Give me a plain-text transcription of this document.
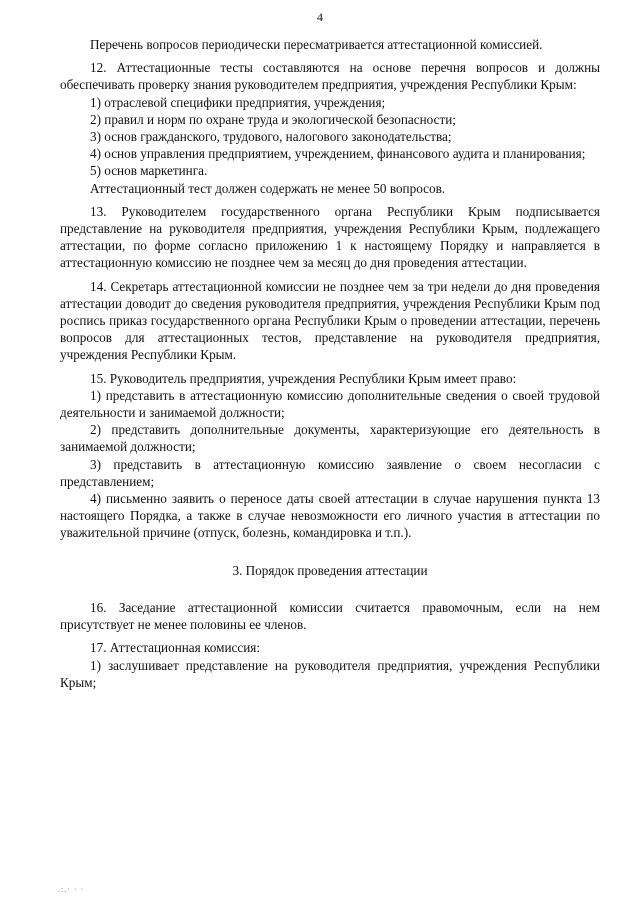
4

Перечень вопросов периодически пересматривается аттестационной комиссией.

12. Аттестационные тесты составляются на основе перечня вопросов и должны обеспечивать проверку знания руководителем предприятия, учреждения Республики Крым:

1) отраслевой специфики предприятия, учреждения;

2) правил и норм по охране труда и экологической безопасности;

3) основ гражданского, трудового, налогового законодательства;

4) основ управления предприятием, учреждением, финансового аудита и планирования;

5) основ маркетинга.

Аттестационный тест должен содержать не менее 50 вопросов.

13. Руководителем государственного органа Республики Крым подписывается представление на руководителя предприятия, учреждения Республики Крым, подлежащего аттестации, по форме согласно приложению 1 к настоящему Порядку и направляется в аттестационную комиссию не позднее чем за месяц до дня проведения аттестации.

14. Секретарь аттестационной комиссии не позднее чем за три недели до дня проведения аттестации доводит до сведения руководителя предприятия, учреждения Республики Крым под роспись приказ государственного органа Республики Крым о проведении аттестации, перечень вопросов для аттестационных тестов, представление на руководителя предприятия, учреждения Республики Крым.

15. Руководитель предприятия, учреждения Республики Крым имеет право:

1) представить в аттестационную комиссию дополнительные сведения о своей трудовой деятельности и занимаемой должности;

2) представить дополнительные документы, характеризующие его деятельность в занимаемой должности;

3) представить в аттестационную комиссию заявление о своем несогласии с представлением;

4) письменно заявить о переносе даты своей аттестации в случае нарушения пункта 13 настоящего Порядка, а также в случае невозможности его личного участия в аттестации по уважительной причине (отпуск, болезнь, командировка и т.п.).

3. Порядок проведения аттестации

16. Заседание аттестационной комиссии считается правомочным, если на нем присутствует не менее половины ее членов.

17. Аттестационная комиссия:

1) заслушивает представление на руководителя предприятия, учреждения Республики Крым;

.:.· · ·
